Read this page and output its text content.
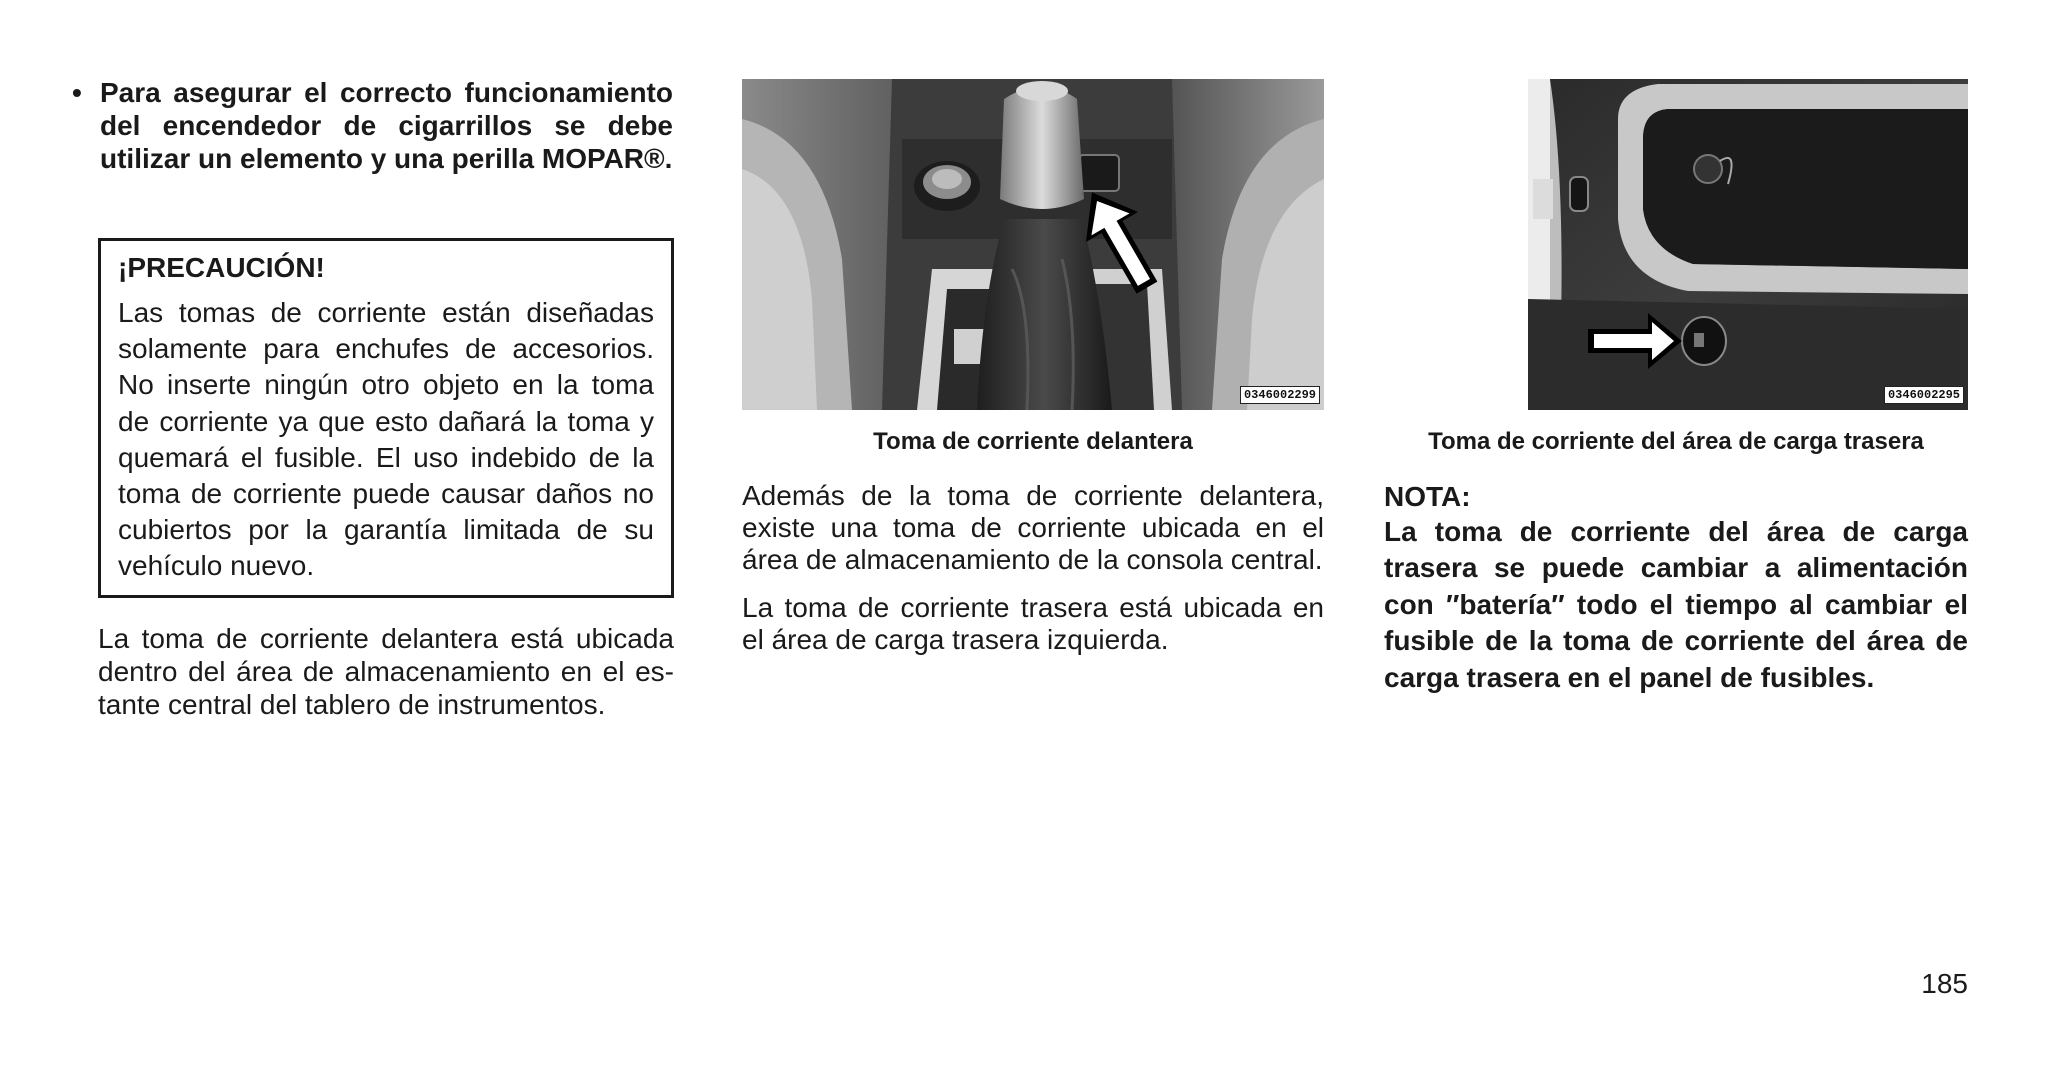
• Para asegurar el correcto funcionamiento del encendedor de cigarrillos se debe utilizar un elemento y una perilla MOPAR®.
¡PRECAUCIÓN!

Las tomas de corriente están diseñadas solamente para enchufes de accesorios. No inserte ningún otro objeto en la toma de corriente ya que esto dañará la toma y quemará el fusible. El uso indebido de la toma de corriente puede causar daños no cubiertos por la garantía limitada de su vehículo nuevo.

La toma de corriente delantera está ubicada dentro del área de almacenamiento en el es-tante central del tablero de instrumentos.
0346002299
Toma de corriente delantera
Además de la toma de corriente delantera, existe una toma de corriente ubicada en el área de almacenamiento de la consola central.
La toma de corriente trasera está ubicada en el área de carga trasera izquierda.
0346002295
Toma de corriente del área de carga trasera
NOTA:
La toma de corriente del área de carga trasera se puede cambiar a alimentación con ″batería″ todo el tiempo al cambiar el fusible de la toma de corriente del área de carga trasera en el panel de fusibles.
185
